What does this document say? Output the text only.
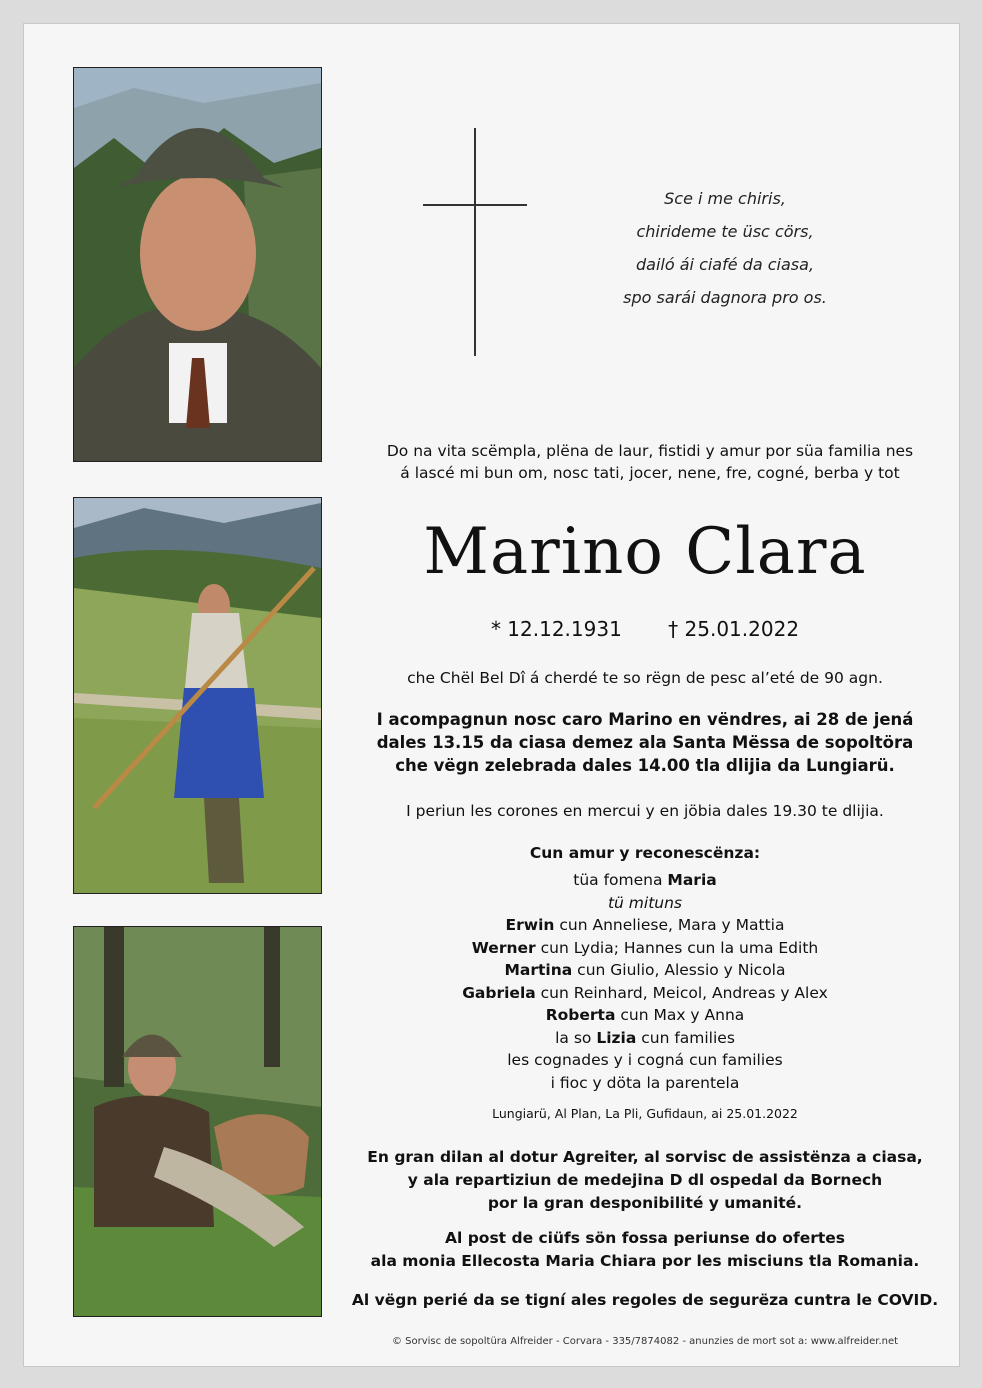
Sce i me chiris,
chirideme te üsc cörs,
dailó ái ciafé da ciasa,
spo sarái dagnora pro os.
Do na vita scëmpla, plëna de laur, fistidi y amur por süa familia nes
á lascé mi bun om, nosc tati, jocer, nene, fre, cogné, berba y tot
Marino Clara
* 12.12.1931 † 25.01.2022
che Chël Bel Dî á cherdé te so rëgn de pesc al’eté de 90 agn.
I acompagnun nosc caro Marino en vëndres, ai 28 de jená
dales 13.15 da ciasa demez ala Santa Mëssa de sopoltöra
che vëgn zelebrada dales 14.00 tla dlijia da Lungiarü.
I periun les corones en mercui y en jöbia dales 19.30 te dlijia.
Cun amur y reconescënza:
tüa fomena Maria
tü mituns
Erwin cun Anneliese, Mara y Mattia
Werner cun Lydia; Hannes cun la uma Edith
Martina cun Giulio, Alessio y Nicola
Gabriela cun Reinhard, Meicol, Andreas y Alex
Roberta cun Max y Anna
la so Lizia cun families
les cognades y i cogná cun families
i fioc y döta la parentela
Lungiarü, Al Plan, La Pli, Gufidaun, ai 25.01.2022
En gran dilan al dotur Agreiter, al sorvisc de assistënza a ciasa,
y ala repartiziun de medejina D dl ospedal da Bornech
por la gran desponibilité y umanité.
Al post de ciüfs sön fossa periunse do ofertes
ala monia Ellecosta Maria Chiara por les misciuns tla Romania.
Al vëgn perié da se tigní ales regoles de segurëza cuntra le COVID.
© Sorvisc de sopoltüra Alfreider - Corvara - 335/7874082 - anunzies de mort sot a: www.alfreider.net
